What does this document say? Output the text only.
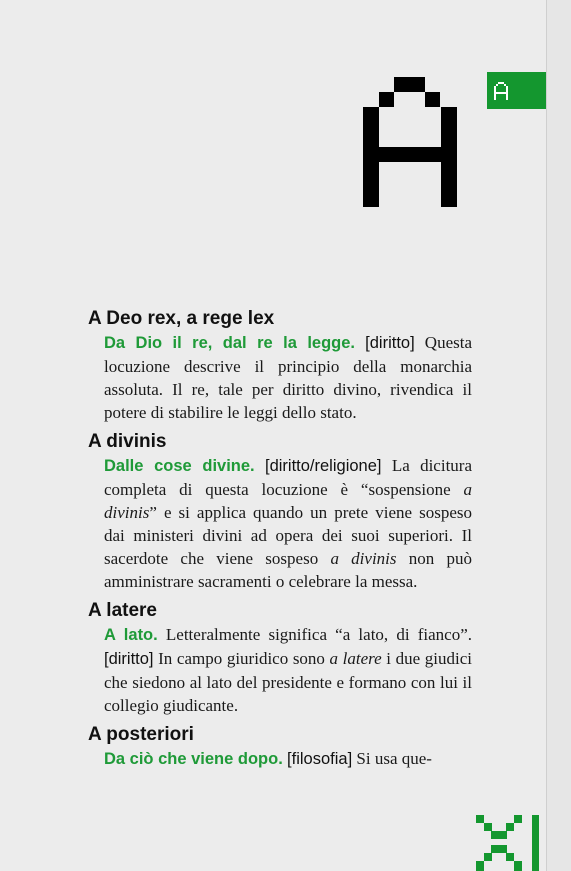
A Deo rex, a rege lex
Da Dio il re, dal re la legge. [diritto] Questa locuzione descrive il principio della monarchia assoluta. Il re, tale per diritto divino, rivendica il potere di stabilire le leggi dello stato.
A divinis
Dalle cose divine. [diritto/religione] La dicitura completa di questa locuzione è “sospensione a divinis” e si applica quando un prete viene sospeso dai ministeri divini ad opera dei suoi superiori. Il sacerdote che viene sospeso a divinis non può amministrare sacramenti o celebrare la messa.
A latere
A lato. Letteralmente significa “a lato, di fianco”. [diritto] In campo giuridico sono a latere i due giudici che siedono al lato del presidente e formano con lui il collegio giudicante.
A posteriori
Da ciò che viene dopo. [filosofia] Si usa que-
